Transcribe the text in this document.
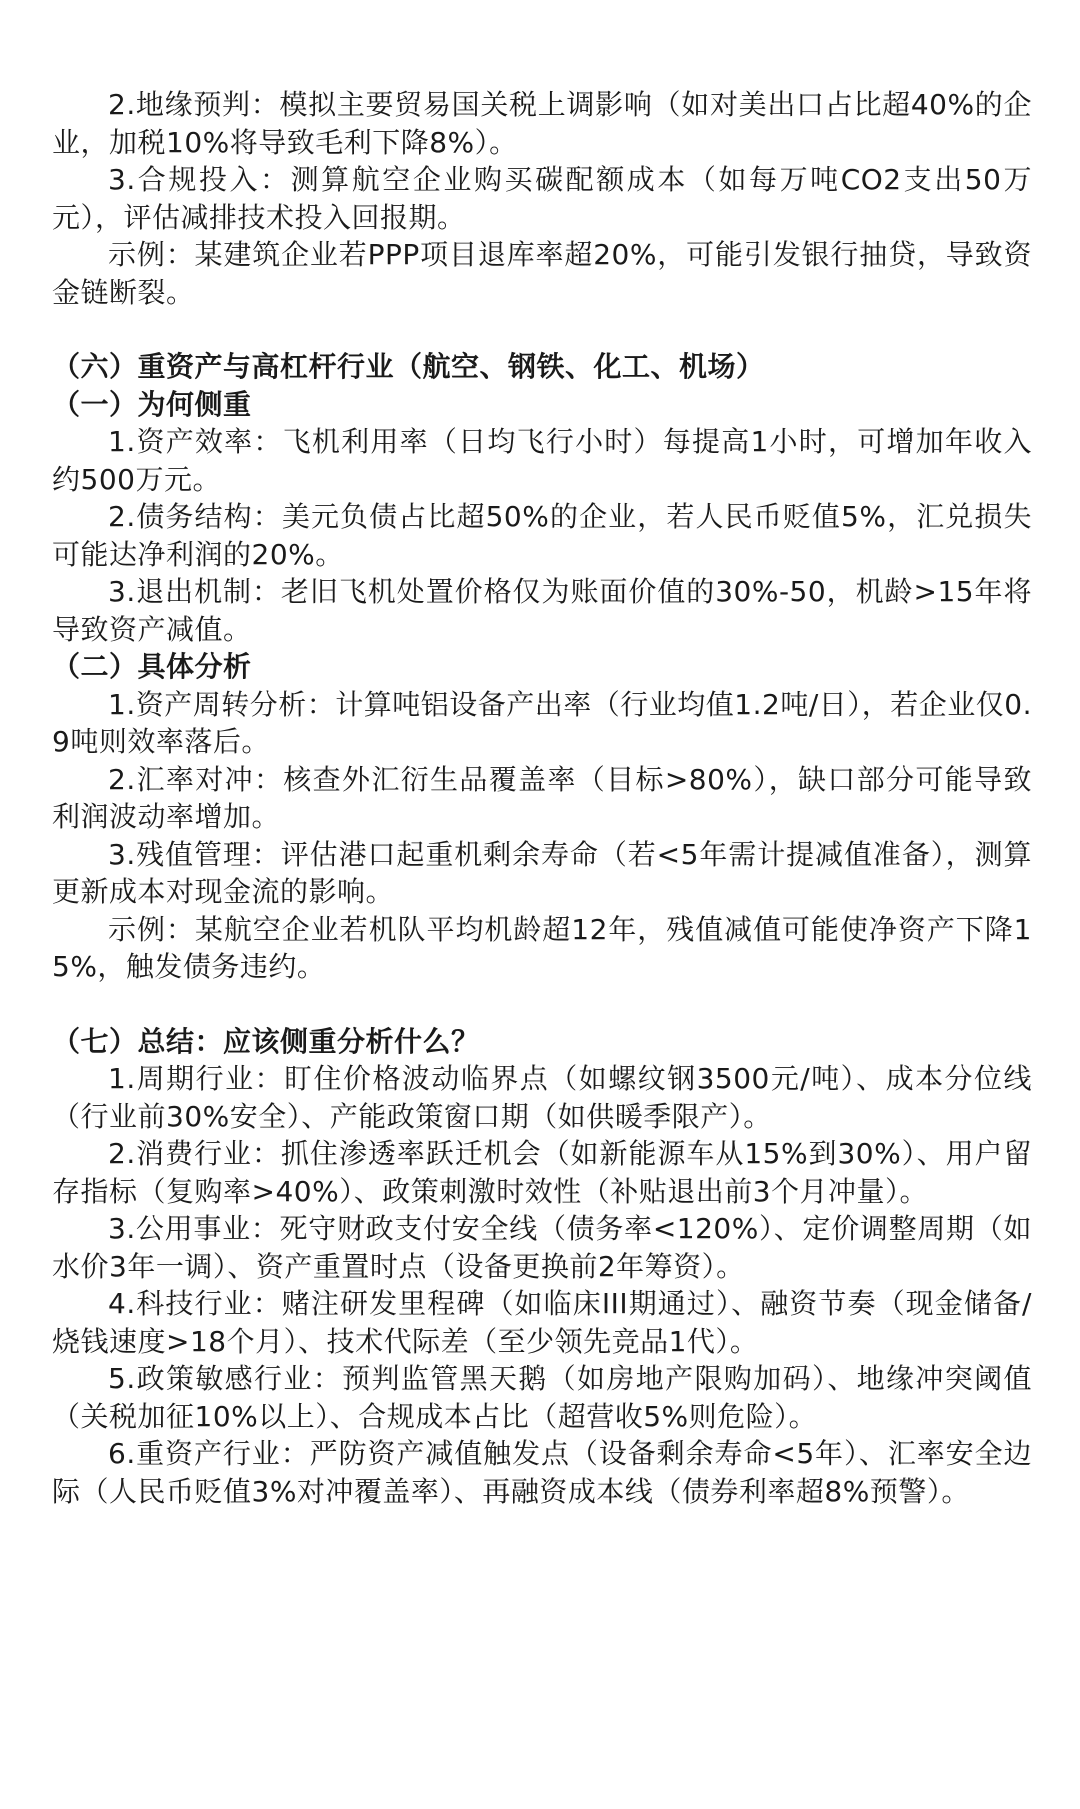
2.地缘预判：模拟主要贸易国关税上调影响（如对美出口占比超40%的企业，加税10%将导致毛利下降8%）。

3.合规投入：测算航空企业购买碳配额成本（如每万吨CO2支出50万元），评估减排技术投入回报期。

示例：某建筑企业若PPP项目退库率超20%，可能引发银行抽贷，导致资金链断裂。

（六）重资产与高杠杆行业（航空、钢铁、化工、机场）

（一）为何侧重

1.资产效率：飞机利用率（日均飞行小时）每提高1小时，可增加年收入约500万元。

2.债务结构：美元负债占比超50%的企业，若人民币贬值5%，汇兑损失可能达净利润的20%。

3.退出机制：老旧飞机处置价格仅为账面价值的30%-50，机龄>15年将导致资产减值。

（二）具体分析

1.资产周转分析：计算吨铝设备产出率（行业均值1.2吨/日），若企业仅0.9吨则效率落后。

2.汇率对冲：核查外汇衍生品覆盖率（目标>80%），缺口部分可能导致利润波动率增加。

3.残值管理：评估港口起重机剩余寿命（若<5年需计提减值准备），测算更新成本对现金流的影响。

示例：某航空企业若机队平均机龄超12年，残值减值可能使净资产下降15%，触发债务违约。

（七）总结：应该侧重分析什么？

1.周期行业：盯住价格波动临界点（如螺纹钢3500元/吨）、成本分位线（行业前30%安全）、产能政策窗口期（如供暖季限产）。

2.消费行业：抓住渗透率跃迁机会（如新能源车从15%到30%）、用户留存指标（复购率>40%）、政策刺激时效性（补贴退出前3个月冲量）。

3.公用事业：死守财政支付安全线（债务率<120%）、定价调整周期（如水价3年一调）、资产重置时点（设备更换前2年筹资）。

4.科技行业：赌注研发里程碑（如临床III期通过）、融资节奏（现金储备/烧钱速度>18个月）、技术代际差（至少领先竞品1代）。

5.政策敏感行业：预判监管黑天鹅（如房地产限购加码）、地缘冲突阈值（关税加征10%以上）、合规成本占比（超营收5%则危险）。

6.重资产行业：严防资产减值触发点（设备剩余寿命<5年）、汇率安全边际（人民币贬值3%对冲覆盖率）、再融资成本线（债券利率超8%预警）。
